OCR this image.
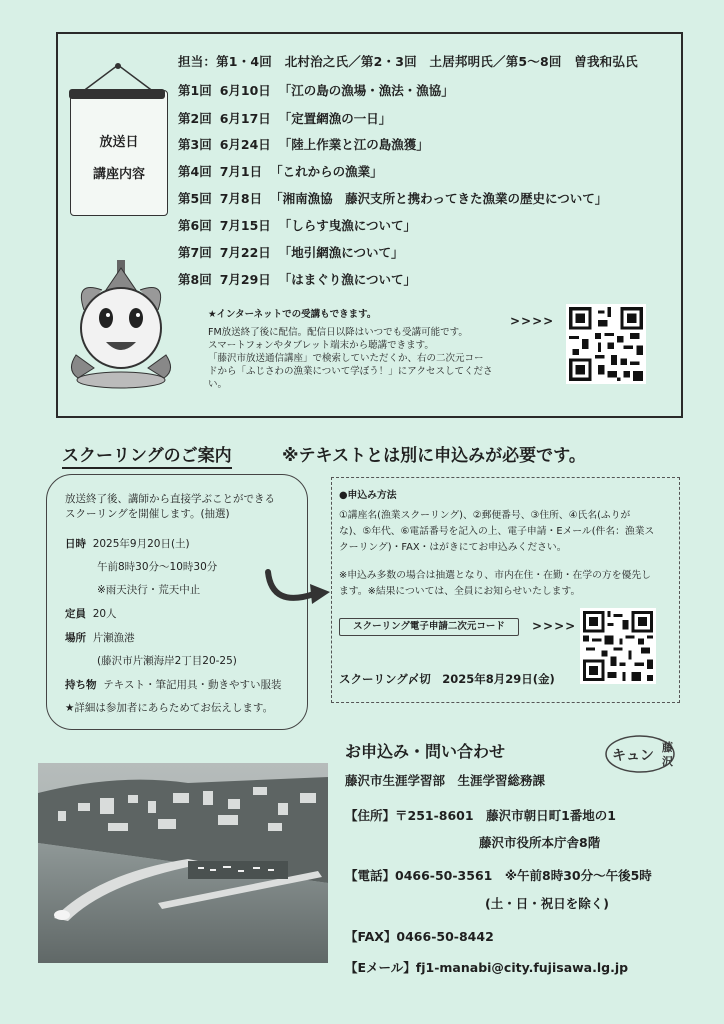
放送日
講座内容
担当：第1・4回　北村治之氏／第2・3回　土居邦明氏／第5～8回　曽我和弘氏
第1回 6月10日 「江の島の漁場・漁法・漁協」
第2回 6月17日 「定置網漁の一日」
第3回 6月24日 「陸上作業と江の島漁獲」
第4回 7月1日 「これからの漁業」
第5回 7月8日 「湘南漁協　藤沢支所と携わってきた漁業の歴史について」
第6回 7月15日 「しらす曳漁について」
第7回 7月22日 「地引網漁について」
第8回 7月29日 「はまぐり漁について」
★インターネットでの受講もできます。
FM放送終了後に配信。配信日以降はいつでも受講可能です。
スマートフォンやタブレット端末から聴講できます。
「藤沢市放送通信講座」で検索していただくか、右の二次元コー
ドから「ふじさわの漁業について学ぼう！」にアクセスしてくださ
い。
>>>>
スクーリングのご案内	※テキストとは別に申込みが必要です。
放送終了後、講師から直接学ぶことができる
スクーリングを開催します。(抽選)
日時 2025年9月20日(土)
午前8時30分～10時30分
※雨天決行・荒天中止
定員 20人
場所 片瀬漁港
(藤沢市片瀬海岸2丁目20-25)
持ち物 テキスト・筆記用具・動きやすい服装
★詳細は参加者にあらためてお伝えします。
●申込み方法
①講座名(漁業スクーリング)、②郵便番号、③住所、④氏名(ふりが
な)、⑤年代、⑥電話番号を記入の上、電子申請・Eメール(件名：漁業ス
クーリング)・FAX・はがきにてお申込みください。
※申込み多数の場合は抽選となり、市内在住・在勤・在学の方を優先し
ます。※結果については、全員にお知らせいたします。
スクーリング電子申請二次元コード	>>>>
スクーリング〆切　2025年8月29日(金)
お申込み・問い合わせ	キュン
藤
沢
藤沢市生涯学習部　生涯学習総務課
【住所】〒251-8601　藤沢市朝日町1番地の1
藤沢市役所本庁舎8階
【電話】0466-50-3561　※午前8時30分～午後5時
(土・日・祝日を除く)
【FAX】0466-50-8442
【Eメール】fj1-manabi@city.fujisawa.lg.jp
